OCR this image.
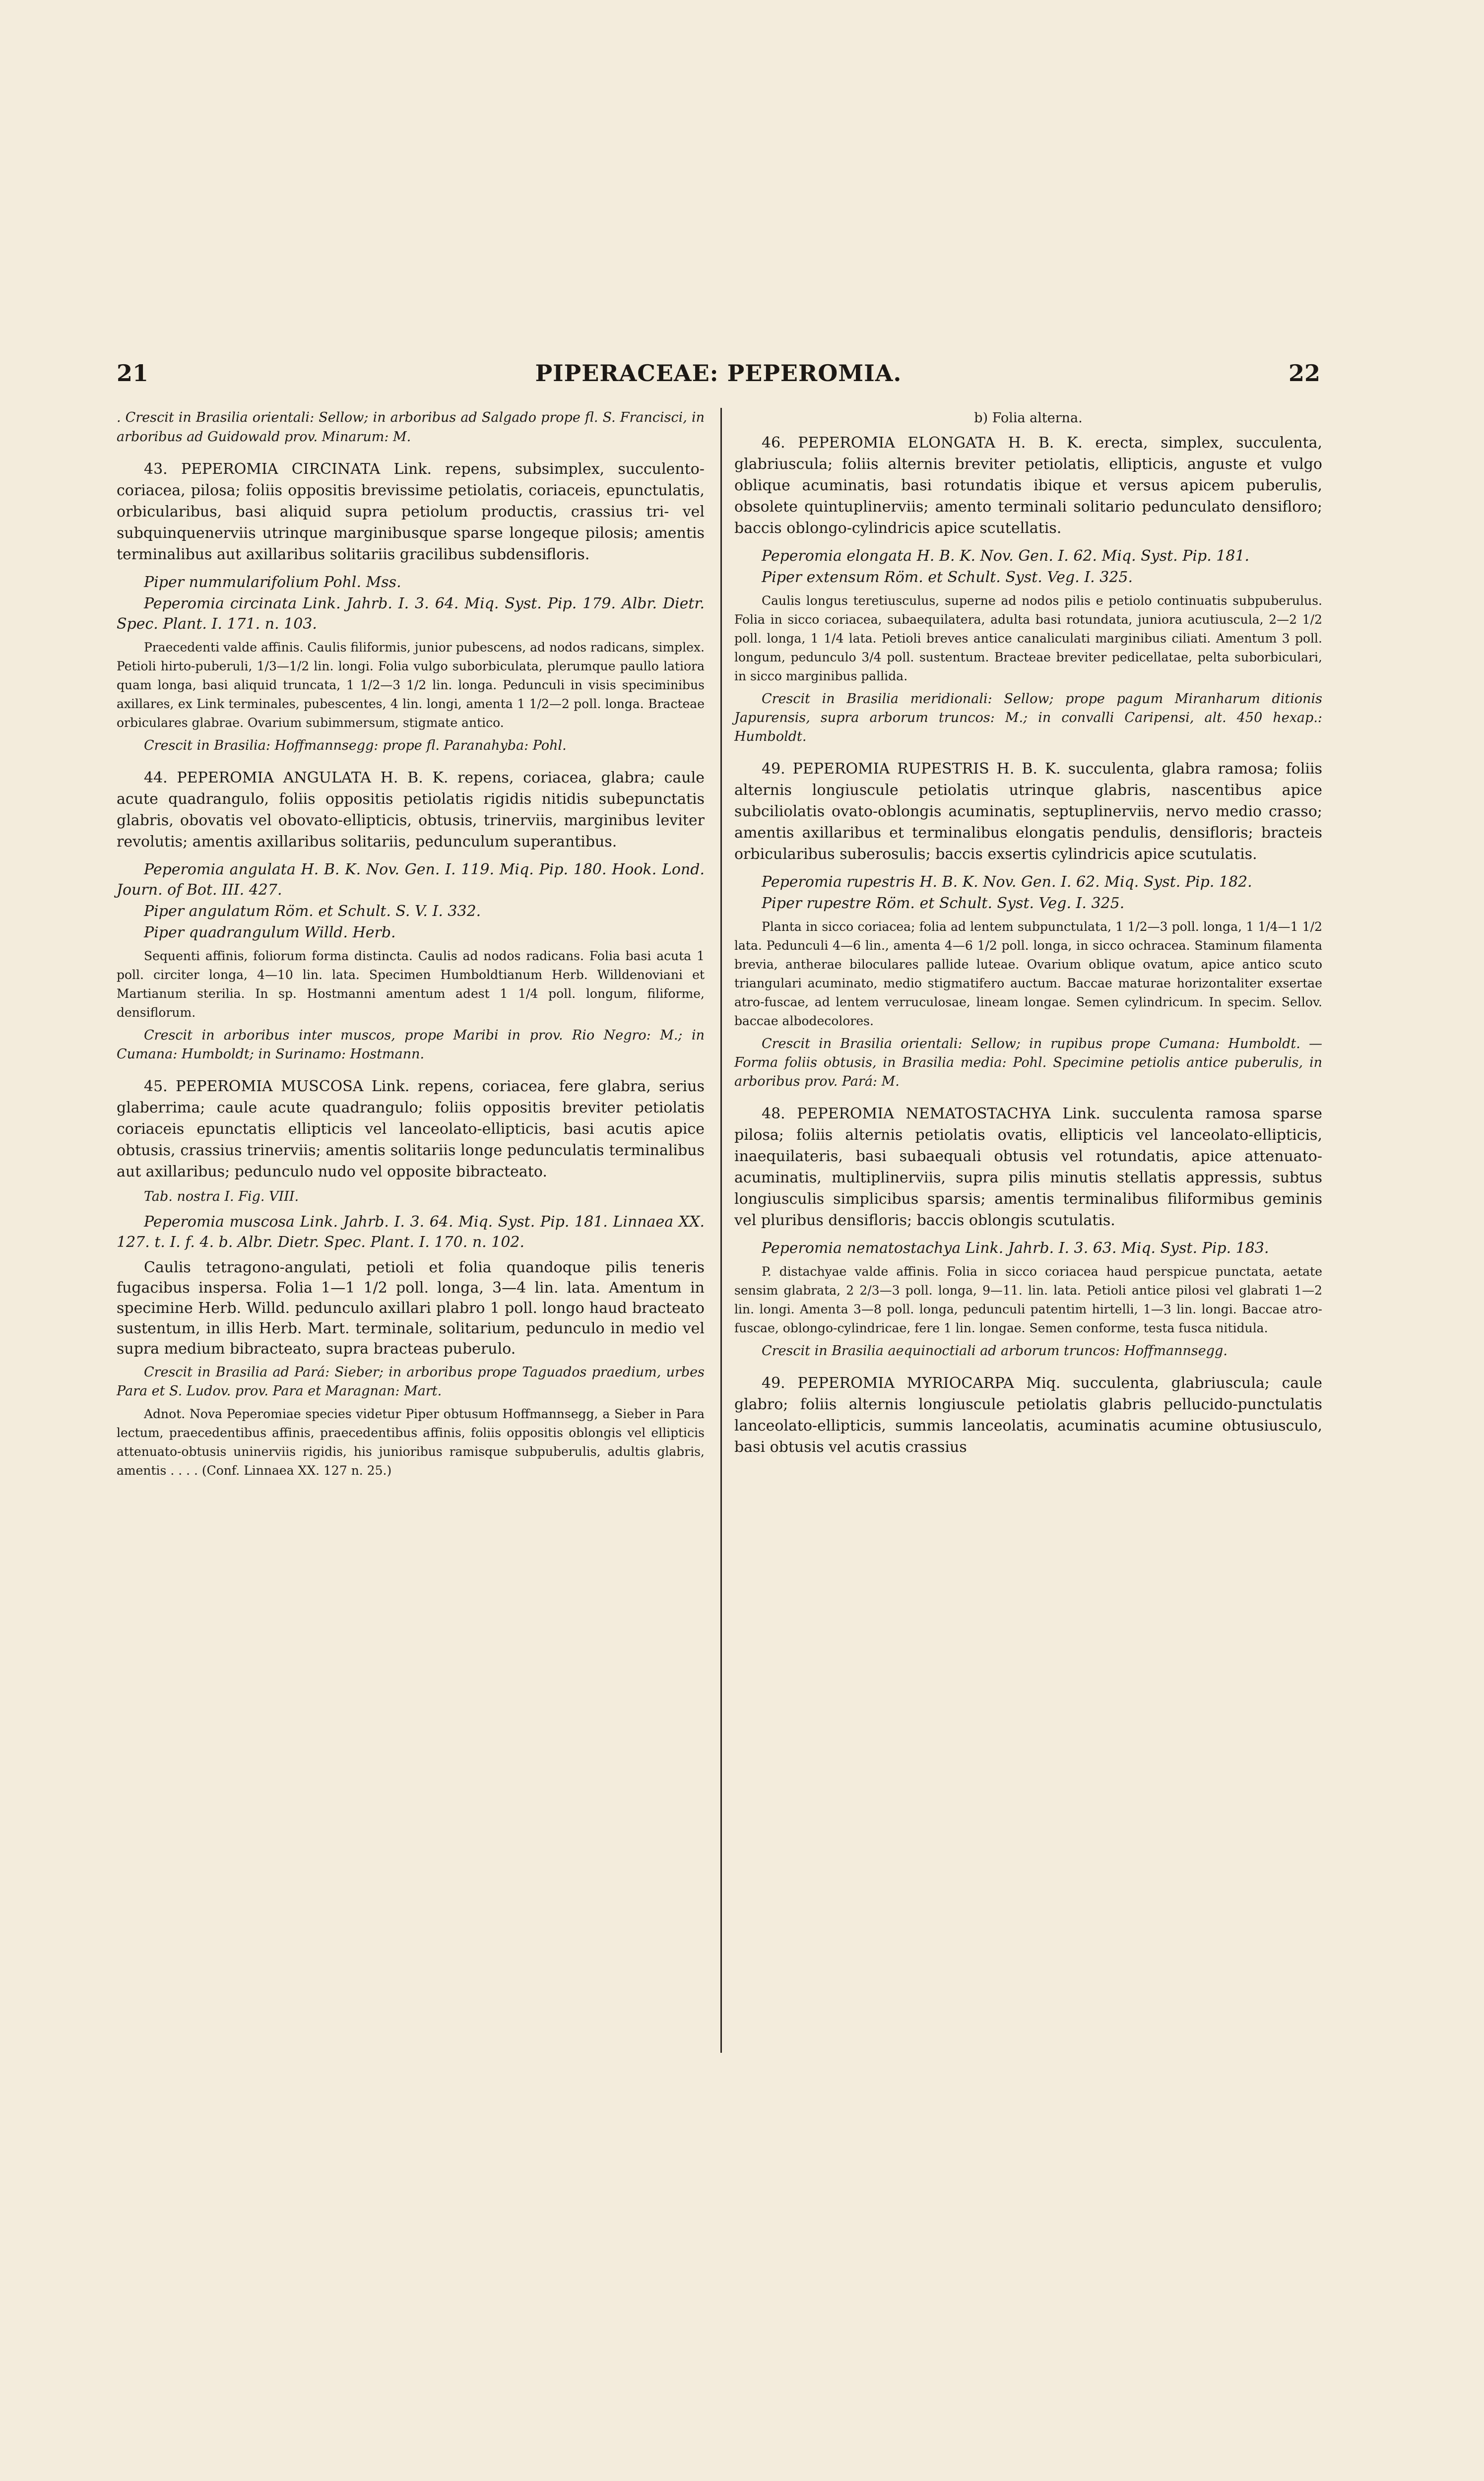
21	PIPERACEAE: PEPEROMIA.	22

. Crescit in Brasilia orientali: Sellow; in arboribus ad Salgado prope fl. S. Francisci, in arboribus ad Guidowald prov. Minarum: M.

43. PEPEROMIA CIRCINATA Link. repens, subsimplex, succulento-coriacea, pilosa; foliis oppositis brevissime petiolatis, coriaceis, epunctulatis, orbicularibus, basi aliquid supra petiolum productis, crassius tri- vel subquinquenerviis utrinque marginibusque sparse longeque pilosis; amentis terminalibus aut axillaribus solitariis gracilibus subdensifloris.

Piper nummularifolium Pohl. Mss.

Peperomia circinata Link. Jahrb. I. 3. 64. Miq. Syst. Pip. 179. Albr. Dietr. Spec. Plant. I. 171. n. 103.

Praecedenti valde affinis. Caulis filiformis, junior pubescens, ad nodos radicans, simplex. Petioli hirto-puberuli, 1/3—1/2 lin. longi. Folia vulgo suborbiculata, plerumque paullo latiora quam longa, basi aliquid truncata, 1 1/2—3 1/2 lin. longa. Pedunculi in visis speciminibus axillares, ex Link terminales, pubescentes, 4 lin. longi, amenta 1 1/2—2 poll. longa. Bracteae orbiculares glabrae. Ovarium subimmersum, stigmate antico.

Crescit in Brasilia: Hoffmannsegg: prope fl. Paranahyba: Pohl.

44. PEPEROMIA ANGULATA H. B. K. repens, coriacea, glabra; caule acute quadrangulo, foliis oppositis petiolatis rigidis nitidis subepunctatis glabris, obovatis vel obovato-ellipticis, obtusis, trinerviis, marginibus leviter revolutis; amentis axillaribus solitariis, pedunculum superantibus.

Peperomia angulata H. B. K. Nov. Gen. I. 119. Miq. Pip. 180. Hook. Lond. Journ. of Bot. III. 427.

Piper angulatum Röm. et Schult. S. V. I. 332.

Piper quadrangulum Willd. Herb.

Sequenti affinis, foliorum forma distincta. Caulis ad nodos radicans. Folia basi acuta 1 poll. circiter longa, 4—10 lin. lata. Specimen Humboldtianum Herb. Willdenoviani et Martianum sterilia. In sp. Hostmanni amentum adest 1 1/4 poll. longum, filiforme, densiflorum.

Crescit in arboribus inter muscos, prope Maribi in prov. Rio Negro: M.; in Cumana: Humboldt; in Surinamo: Hostmann.

45. PEPEROMIA MUSCOSA Link. repens, coriacea, fere glabra, serius glaberrima; caule acute quadrangulo; foliis oppositis breviter petiolatis coriaceis epunctatis ellipticis vel lanceolato-ellipticis, basi acutis apice obtusis, crassius trinerviis; amentis solitariis longe pedunculatis terminalibus aut axillaribus; pedunculo nudo vel opposite bibracteato.

Tab. nostra I. Fig. VIII.

Peperomia muscosa Link. Jahrb. I. 3. 64. Miq. Syst. Pip. 181. Linnaea XX. 127. t. I. f. 4. b. Albr. Dietr. Spec. Plant. I. 170. n. 102.

Caulis tetragono-angulati, petioli et folia quandoque pilis teneris fugacibus inspersa. Folia 1—1 1/2 poll. longa, 3—4 lin. lata. Amentum in specimine Herb. Willd. pedunculo axillari plabro 1 poll. longo haud bracteato sustentum, in illis Herb. Mart. terminale, solitarium, pedunculo in medio vel supra medium bibracteato, supra bracteas puberulo.

Crescit in Brasilia ad Pará: Sieber; in arboribus prope Taguados praedium, urbes Para et S. Ludov. prov. Para et Maragnan: Mart.

Adnot. Nova Peperomiae species videtur Piper obtusum Hoffmannsegg, a Sieber in Para lectum, praecedentibus affinis, praecedentibus affinis, foliis oppositis oblongis vel ellipticis attenuato-obtusis uninerviis rigidis, his junioribus ramisque subpuberulis, adultis glabris, amentis . . . . (Conf. Linnaea XX. 127 n. 25.)

b) Folia alterna.

46. PEPEROMIA ELONGATA H. B. K. erecta, simplex, succulenta, glabriuscula; foliis alternis breviter petiolatis, ellipticis, anguste et vulgo oblique acuminatis, basi rotundatis ibique et versus apicem puberulis, obsolete quintuplinerviis; amento terminali solitario pedunculato densifloro; baccis oblongo-cylindricis apice scutellatis.

Peperomia elongata H. B. K. Nov. Gen. I. 62. Miq. Syst. Pip. 181.

Piper extensum Röm. et Schult. Syst. Veg. I. 325.

Caulis longus teretiusculus, superne ad nodos pilis e petiolo continuatis subpuberulus. Folia in sicco coriacea, subaequilatera, adulta basi rotundata, juniora acutiuscula, 2—2 1/2 poll. longa, 1 1/4 lata. Petioli breves antice canaliculati marginibus ciliati. Amentum 3 poll. longum, pedunculo 3/4 poll. sustentum. Bracteae breviter pedicellatae, pelta suborbiculari, in sicco marginibus pallida.

Crescit in Brasilia meridionali: Sellow; prope pagum Miranharum ditionis Japurensis, supra arborum truncos: M.; in convalli Caripensi, alt. 450 hexap.: Humboldt.

49. PEPEROMIA RUPESTRIS H. B. K. succulenta, glabra ramosa; foliis alternis longiuscule petiolatis utrinque glabris, nascentibus apice subciliolatis ovato-oblongis acuminatis, septuplinerviis, nervo medio crasso; amentis axillaribus et terminalibus elongatis pendulis, densifloris; bracteis orbicularibus suberosulis; baccis exsertis cylindricis apice scutulatis.

Peperomia rupestris H. B. K. Nov. Gen. I. 62. Miq. Syst. Pip. 182.

Piper rupestre Röm. et Schult. Syst. Veg. I. 325.

Planta in sicco coriacea; folia ad lentem subpunctulata, 1 1/2—3 poll. longa, 1 1/4—1 1/2 lata. Pedunculi 4—6 lin., amenta 4—6 1/2 poll. longa, in sicco ochracea. Staminum filamenta brevia, antherae biloculares pallide luteae. Ovarium oblique ovatum, apice antico scuto triangulari acuminato, medio stigmatifero auctum. Baccae maturae horizontaliter exsertae atro-fuscae, ad lentem verruculosae, lineam longae. Semen cylindricum. In specim. Sellov. baccae albodecolores.

Crescit in Brasilia orientali: Sellow; in rupibus prope Cumana: Humboldt. — Forma foliis obtusis, in Brasilia media: Pohl. Specimine petiolis antice puberulis, in arboribus prov. Pará: M.

48. PEPEROMIA NEMATOSTACHYA Link. succulenta ramosa sparse pilosa; foliis alternis petiolatis ovatis, ellipticis vel lanceolato-ellipticis, inaequilateris, basi subaequali obtusis vel rotundatis, apice attenuato-acuminatis, multiplinerviis, supra pilis minutis stellatis appressis, subtus longiusculis simplicibus sparsis; amentis terminalibus filiformibus geminis vel pluribus densifloris; baccis oblongis scutulatis.

Peperomia nematostachya Link. Jahrb. I. 3. 63. Miq. Syst. Pip. 183.

P. distachyae valde affinis. Folia in sicco coriacea haud perspicue punctata, aetate sensim glabrata, 2 2/3—3 poll. longa, 9—11. lin. lata. Petioli antice pilosi vel glabrati 1—2 lin. longi. Amenta 3—8 poll. longa, pedunculi patentim hirtelli, 1—3 lin. longi. Baccae atro-fuscae, oblongo-cylindricae, fere 1 lin. longae. Semen conforme, testa fusca nitidula.

Crescit in Brasilia aequinoctiali ad arborum truncos: Hoffmannsegg.

49. PEPEROMIA MYRIOCARPA Miq. succulenta, glabriuscula; caule glabro; foliis alternis longiuscule petiolatis glabris pellucido-punctulatis lanceolato-ellipticis, summis lanceolatis, acuminatis acumine obtusiusculo, basi obtusis vel acutis crassius
